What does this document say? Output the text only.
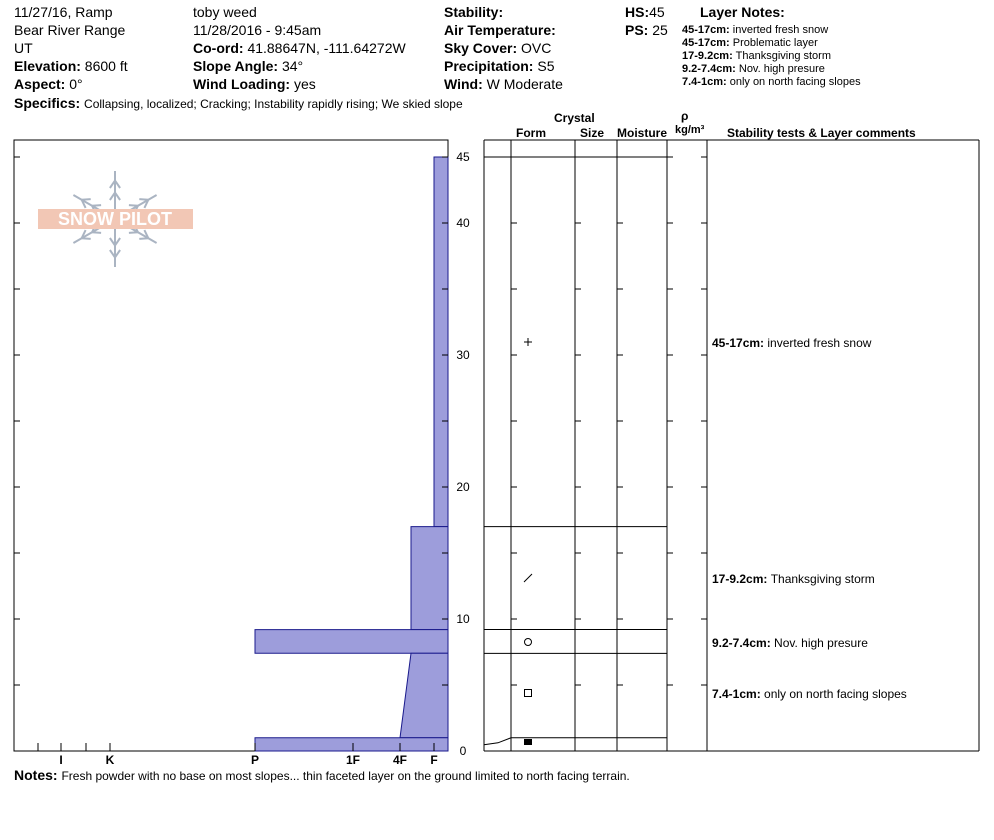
11/27/16, Ramp
Bear River Range
UT
Elevation: 8600 ft
Aspect: 0°
Specifics: Collapsing, localized; Cracking; Instability rapidly rising; We skied slope
toby weed
11/28/2016 - 9:45am
Co-ord: 41.88647N, -111.64272W
Slope Angle: 34°
Wind Loading: yes
Stability:
Air Temperature:
Sky Cover: OVC
Precipitation: S5
Wind: W Moderate
HS:45
PS: 25
Layer Notes:
45-17cm: inverted fresh snow
45-17cm: Problematic layer
17-9.2cm: Thanksgiving storm
9.2-7.4cm: Nov. high presure
7.4-1cm: only on north facing slopes
Crystal
Form	Size Moisture
ρ
kg/m³ Stability tests & Layer comments
Notes: Fresh powder with no base on most slopes... thin faceted layer on the ground limited to north facing terrain.
SNOW PILOT
I	K	P	1F	4F F
0
10
20
30
40
45
45-17cm: inverted fresh snow
17-9.2cm: Thanksgiving storm
9.2-7.4cm: Nov. high presure
7.4-1cm: only on north facing slopes
